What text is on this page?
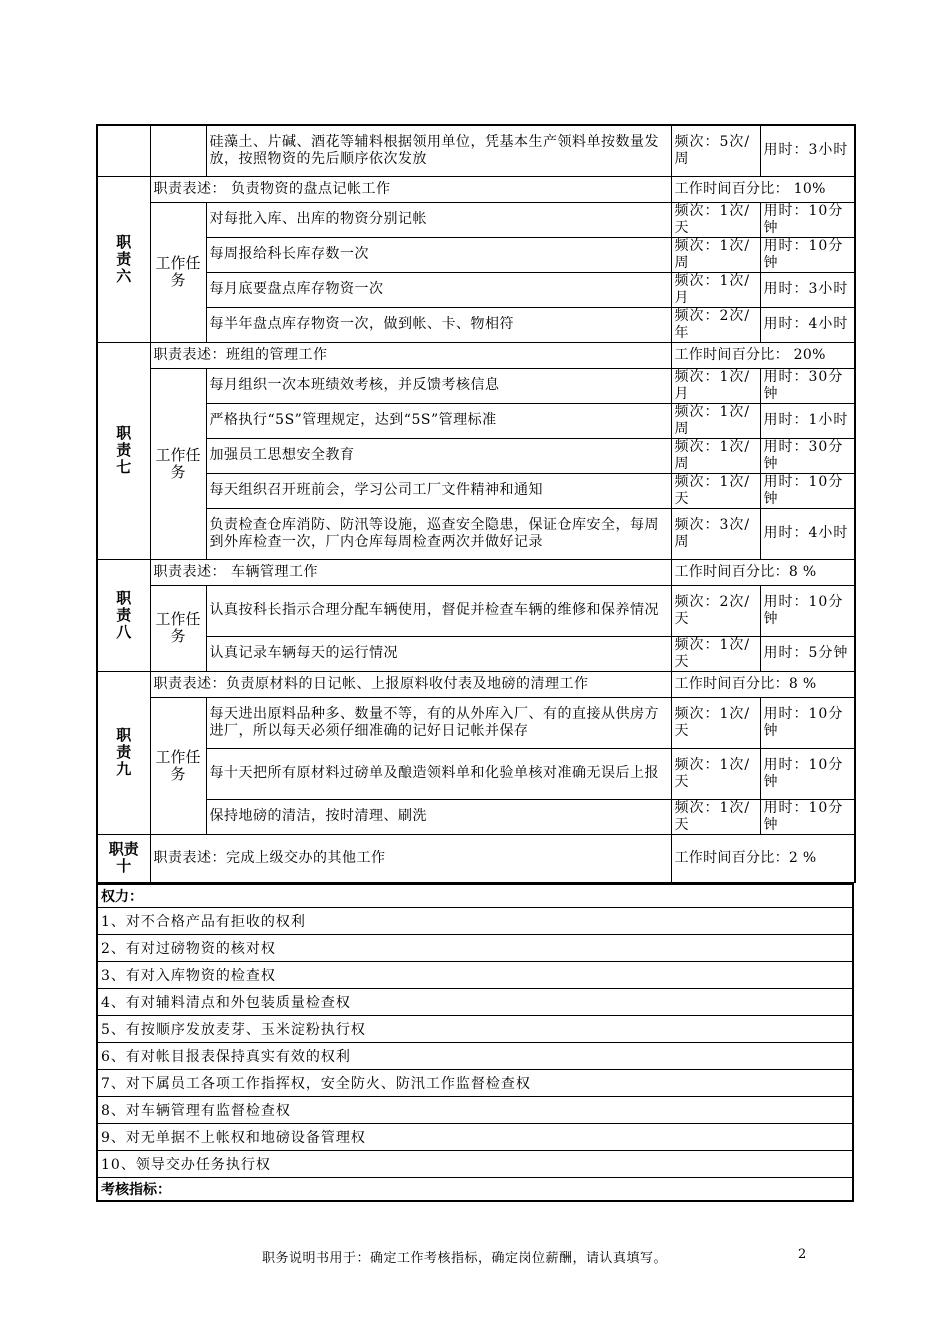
		硅藻土、片碱、酒花等辅料根据领用单位，凭基本生产领料单按数量发放，按照物资的先后顺序依次发放	频次：5次/周	用时：3小时
职
责
六	职责表述： 负责物资的盘点记帐工作		工作时间百分比： 10%	
	工作任务	对每批入库、出库的物资分别记帐	频次：1次/天	用时：10分钟
		每周报给科长库存数一次	频次：1次/周	用时：10分钟
		每月底要盘点库存物资一次	频次：1次/月	用时：3小时
		每半年盘点库存物资一次，做到帐、卡、物相符	频次：2次/年	用时：4小时
职
责
七	职责表述：班组的管理工作		工作时间百分比： 20%	
	工作任务	每月组织一次本班绩效考核，并反馈考核信息	频次：1次/月	用时：30分钟
		严格执行“5S”管理规定，达到“5S”管理标准	频次：1次/周	用时：1小时
		加强员工思想安全教育	频次：1次/周	用时：30分钟
		每天组织召开班前会，学习公司工厂文件精神和通知	频次：1次/天	用时：10分钟
		负责检查仓库消防、防汛等设施，巡查安全隐患，保证仓库安全，每周到外库检查一次，厂内仓库每周检查两次并做好记录	频次：3次/周	用时：4小时
职
责
八	职责表述： 车辆管理工作		工作时间百分比：8 %	
	工作任务	认真按科长指示合理分配车辆使用，督促并检查车辆的维修和保养情况	频次：2次/天	用时：10分钟
		认真记录车辆每天的运行情况	频次：1次/天	用时：5分钟
职
责
九	职责表述：负责原材料的日记帐、上报原料收付表及地磅的清理工作		工作时间百分比：8 %	
	工作任务	每天进出原料品种多、数量不等，有的从外库入厂、有的直接从供房方进厂，所以每天必须仔细准确的记好日记帐并保存	频次：1次/天	用时：10分钟
		每十天把所有原材料过磅单及酿造领料单和化验单核对准确无误后上报	频次：1次/天	用时：10分钟
		保持地磅的清洁，按时清理、刷洗	频次：1次/天	用时：10分钟
职责
十	职责表述：完成上级交办的其他工作		工作时间百分比：2 %	
权力：
1、对不合格产品有拒收的权利
2、有对过磅物资的核对权
3、有对入库物资的检查权
4、有对辅料清点和外包装质量检查权
5、有按顺序发放麦芽、玉米淀粉执行权
6、有对帐目报表保持真实有效的权利
7、对下属员工各项工作指挥权，安全防火、防汛工作监督检查权
8、对车辆管理有监督检查权
9、对无单据不上帐权和地磅设备管理权
10、领导交办任务执行权
考核指标：
职务说明书用于：确定工作考核指标，确定岗位薪酬，请认真填写。	2
